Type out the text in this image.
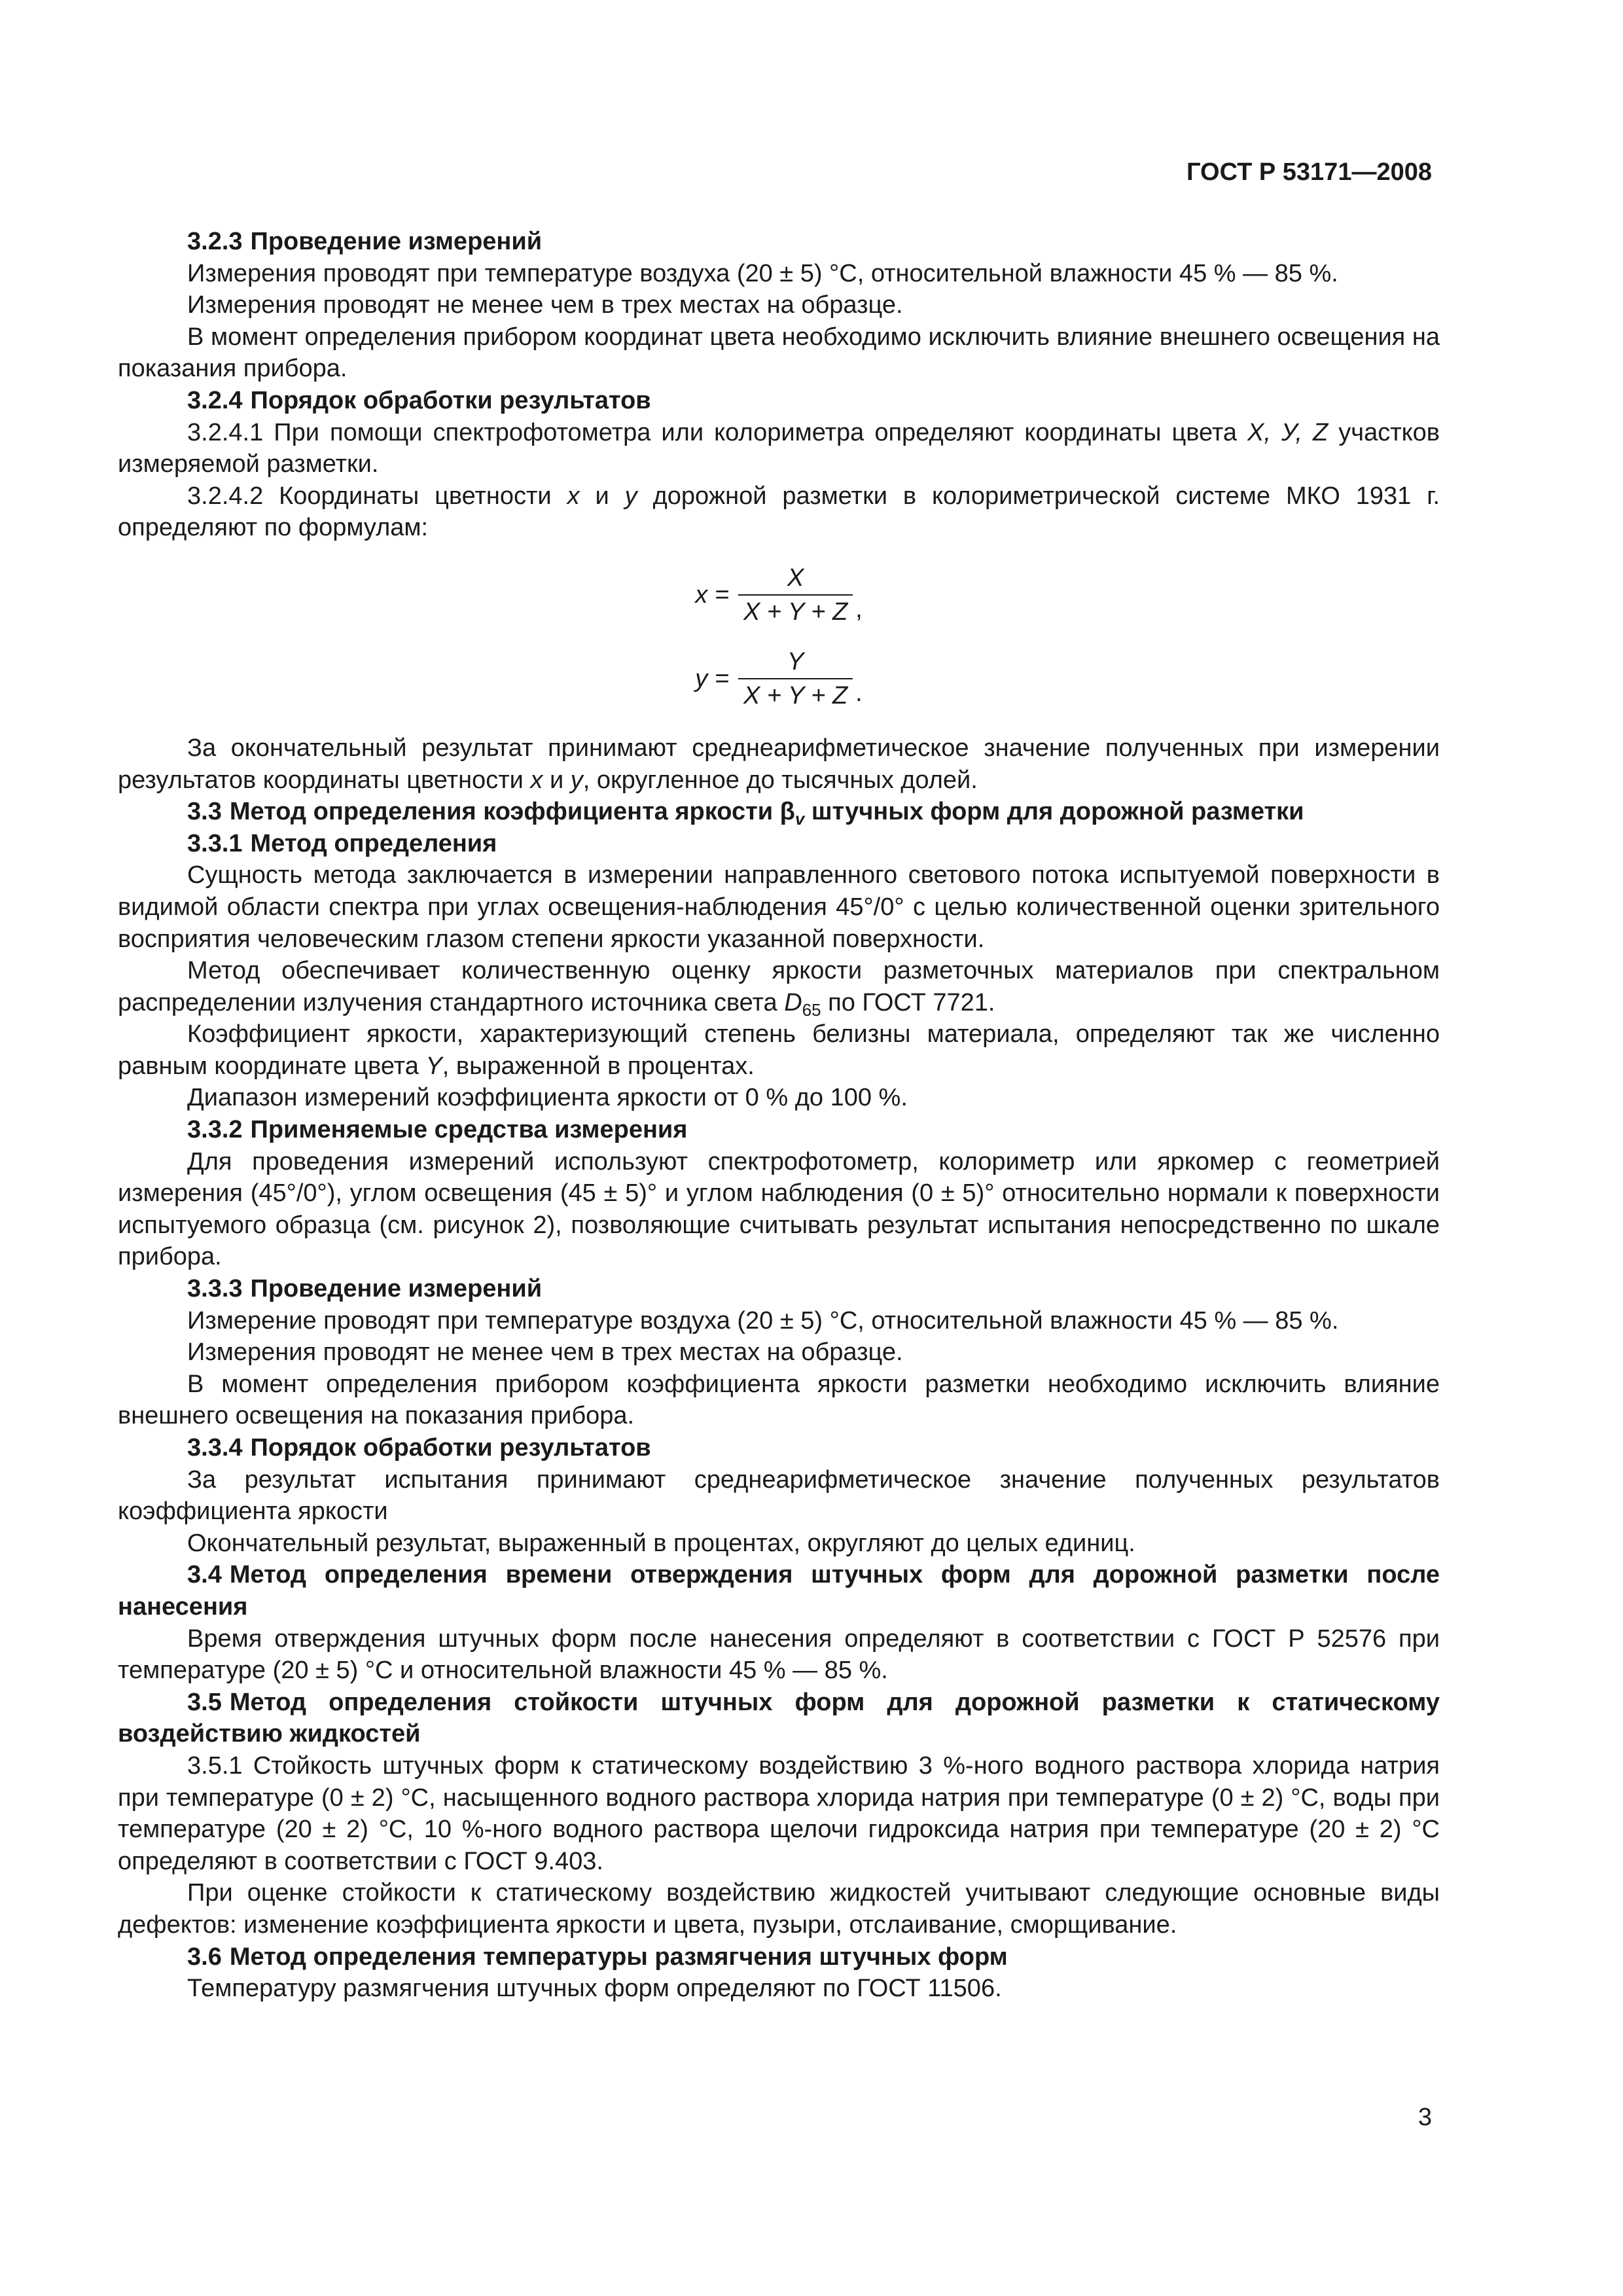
ГОСТ Р 53171—2008

3.2.3 Проведение измерений

Измерения проводят при температуре воздуха (20 ± 5) °С, относительной влажности 45 % — 85 %.

Измерения проводят не менее чем в трех местах на образце.

В момент определения прибором координат цвета необходимо исключить влияние внешнего освещения на показания прибора.

3.2.4 Порядок обработки результатов

3.2.4.1 При помощи спектрофотометра или колориметра определяют координаты цвета X, У, Z участков измеряемой разметки.

3.2.4.2 Координаты цветности x и y дорожной разметки в колориметрической системе МКО 1931 г. определяют по формулам:

$x = \frac{X}{X + Y + Z}$ ,
$y = \frac{Y}{X + Y + Z}$ .

За окончательный результат принимают среднеарифметическое значение полученных при измерении результатов координаты цветности x и y, округленное до тысячных долей.

3.3 Метод определения коэффициента яркости $\beta_v$ штучных форм для дорожной разметки

3.3.1 Метод определения

Сущность метода заключается в измерении направленного светового потока испытуемой поверхности в видимой области спектра при углах освещения-наблюдения 45°/0° с целью количественной оценки зрительного восприятия человеческим глазом степени яркости указанной поверхности.

Метод обеспечивает количественную оценку яркости разметочных материалов при спектральном распределении излучения стандартного источника света $D_{65}$ по ГОСТ 7721.

Коэффициент яркости, характеризующий степень белизны материала, определяют так же численно равным координате цвета Y, выраженной в процентах.

Диапазон измерений коэффициента яркости от 0 % до 100 %.

3.3.2 Применяемые средства измерения

Для проведения измерений используют спектрофотометр, колориметр или яркомер с геометрией измерения (45°/0°), углом освещения (45 ± 5)° и углом наблюдения (0 ± 5)° относительно нормали к поверхности испытуемого образца (см. рисунок 2), позволяющие считывать результат испытания непосредственно по шкале прибора.

3.3.3 Проведение измерений

Измерение проводят при температуре воздуха (20 ± 5) °С, относительной влажности 45 % — 85 %.

Измерения проводят не менее чем в трех местах на образце.

В момент определения прибором коэффициента яркости разметки необходимо исключить влияние внешнего освещения на показания прибора.

3.3.4 Порядок обработки результатов

За результат испытания принимают среднеарифметическое значение полученных результатов коэффициента яркости

Окончательный результат, выраженный в процентах, округляют до целых единиц.

3.4 Метод определения времени отверждения штучных форм для дорожной разметки после нанесения

Время отверждения штучных форм после нанесения определяют в соответствии с ГОСТ Р 52576 при температуре (20 ± 5) °С и относительной влажности 45 % — 85 %.

3.5 Метод определения стойкости штучных форм для дорожной разметки к статическому воздействию жидкостей

3.5.1 Стойкость штучных форм к статическому воздействию 3 %-ного водного раствора хлорида натрия при температуре (0 ± 2) °С, насыщенного водного раствора хлорида натрия при температуре (0 ± 2) °С, воды при температуре (20 ± 2) °С, 10 %-ного водного раствора щелочи гидроксида натрия при температуре (20 ± 2) °С определяют в соответствии с ГОСТ 9.403.

При оценке стойкости к статическому воздействию жидкостей учитывают следующие основные виды дефектов: изменение коэффициента яркости и цвета, пузыри, отслаивание, сморщивание.

3.6 Метод определения температуры размягчения штучных форм

Температуру размягчения штучных форм определяют по ГОСТ 11506.

3
